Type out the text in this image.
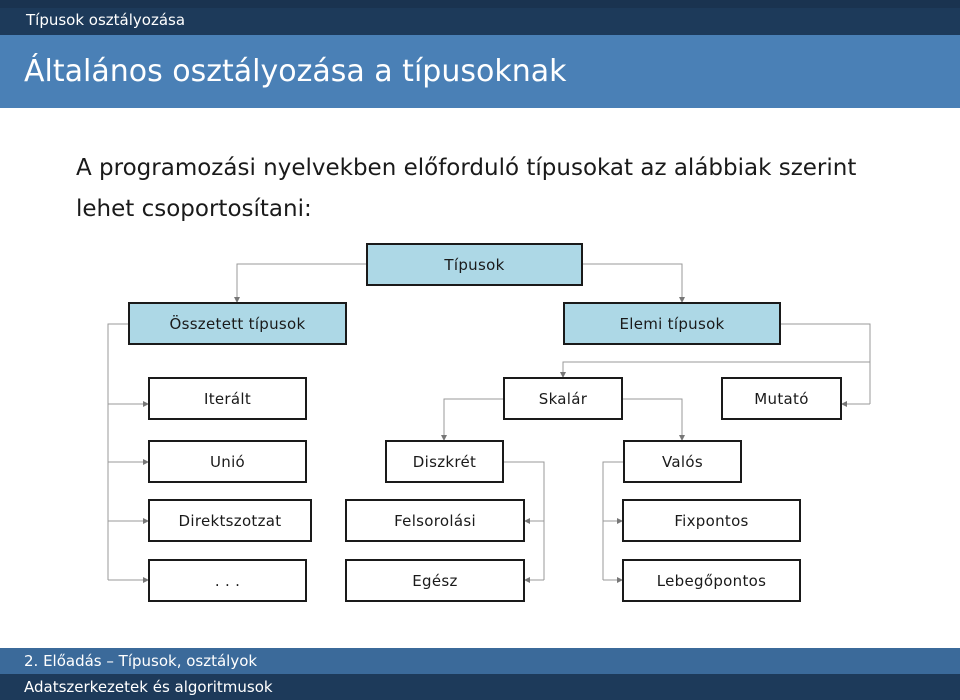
Típusok osztályozása
Általános osztályozása a típusoknak
A programozási nyelvekben előforduló típusokat az alábbiak szerint lehet csoportosítani:
Típusok
Összetett típusok	Elemi típusok
Iterált
Unió
Direktszotzat
. . .
Skalár	Mutató
Diszkrét
Felsorolási
Egész
Valós
Fixpontos
Lebegőpontos
2. Előadás – Típusok, osztályok
Adatszerkezetek és algoritmusok
